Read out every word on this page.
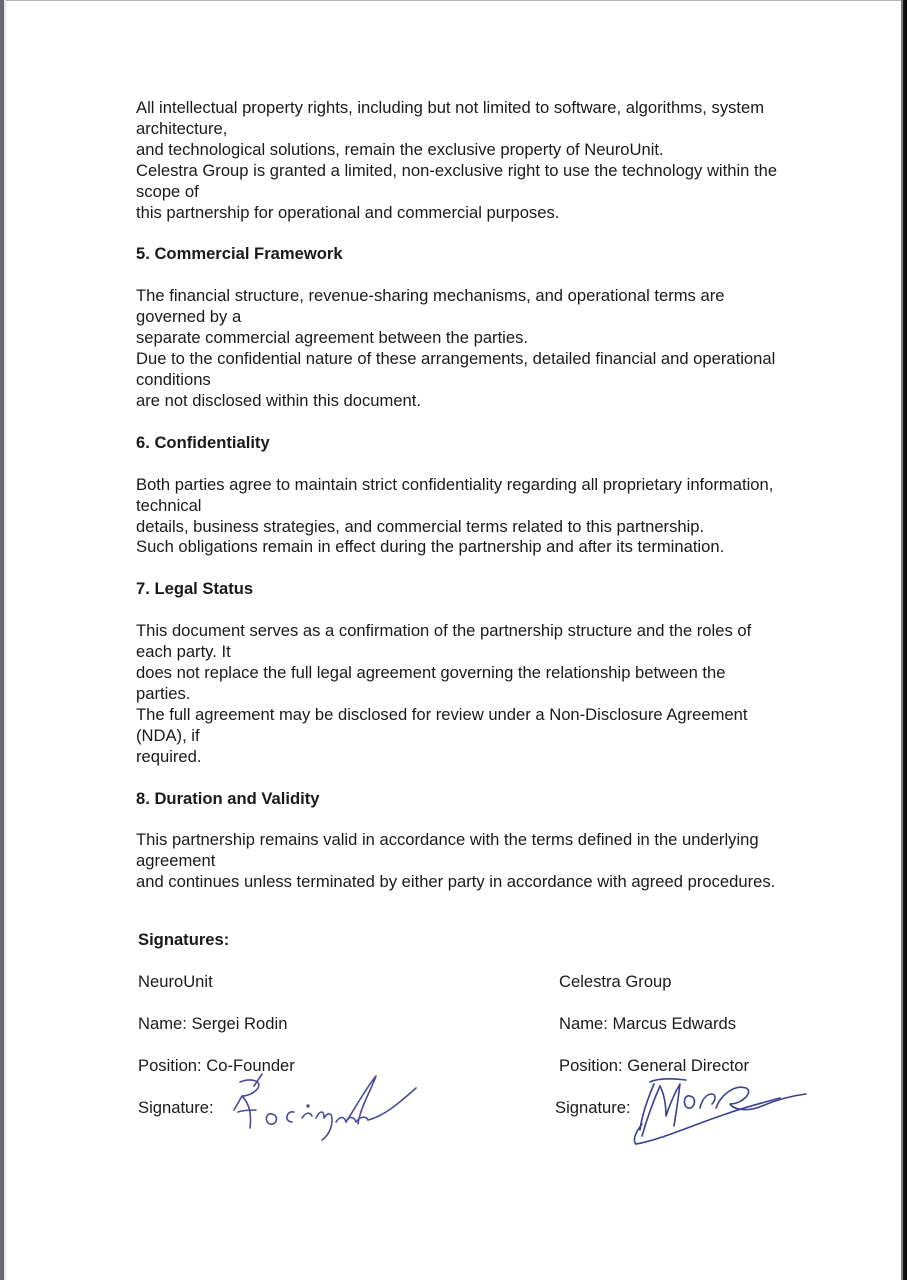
All intellectual property rights, including but not limited to software, algorithms, system

architecture,

and technological solutions, remain the exclusive property of NeuroUnit.

Celestra Group is granted a limited, non-exclusive right to use the technology within the

scope of

this partnership for operational and commercial purposes.

5. Commercial Framework

The financial structure, revenue-sharing mechanisms, and operational terms are

governed by a

separate commercial agreement between the parties.

Due to the confidential nature of these arrangements, detailed financial and operational

conditions

are not disclosed within this document.

6. Confidentiality

Both parties agree to maintain strict confidentiality regarding all proprietary information,

technical

details, business strategies, and commercial terms related to this partnership.

Such obligations remain in effect during the partnership and after its termination.

7. Legal Status

This document serves as a confirmation of the partnership structure and the roles of

each party. It

does not replace the full legal agreement governing the relationship between the

parties.

The full agreement may be disclosed for review under a Non-Disclosure Agreement

(NDA), if

required.

8. Duration and Validity

This partnership remains valid in accordance with the terms defined in the underlying

agreement

and continues unless terminated by either party in accordance with agreed procedures.

Signatures:
NeuroUnit
Name: Sergei Rodin
Position: Co-Founder
Signature:
Celestra Group
Name: Marcus Edwards
Position: General Director
Signature:
